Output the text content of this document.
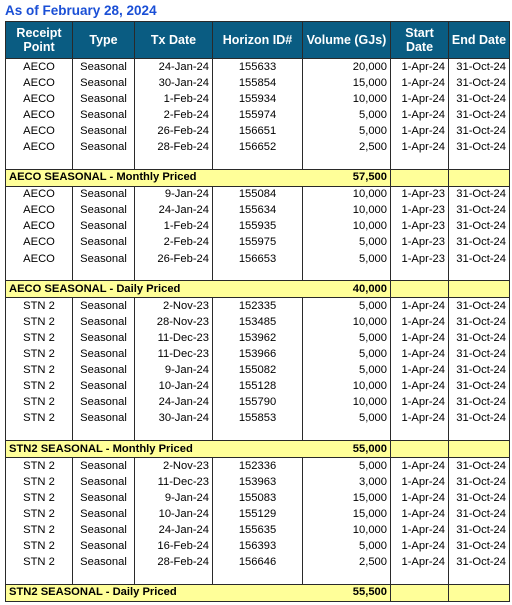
As of February 28, 2024
Receipt Point	Type	Tx Date	Horizon ID#	Volume (GJs)	Start Date	End Date
AECO	Seasonal	24-Jan-24	155633	20,000	1-Apr-24	31-Oct-24
AECO	Seasonal	30-Jan-24	155854	15,000	1-Apr-24	31-Oct-24
AECO	Seasonal	1-Feb-24	155934	10,000	1-Apr-24	31-Oct-24
AECO	Seasonal	2-Feb-24	155974	5,000	1-Apr-24	31-Oct-24
AECO	Seasonal	26-Feb-24	156651	5,000	1-Apr-24	31-Oct-24
AECO	Seasonal	28-Feb-24	156652	2,500	1-Apr-24	31-Oct-24

AECO SEASONAL - Monthly Priced				57,500		
AECO	Seasonal	9-Jan-24	155084	10,000	1-Apr-23	31-Oct-24
AECO	Seasonal	24-Jan-24	155634	10,000	1-Apr-23	31-Oct-24
AECO	Seasonal	1-Feb-24	155935	10,000	1-Apr-23	31-Oct-24
AECO	Seasonal	2-Feb-24	155975	5,000	1-Apr-23	31-Oct-24
AECO	Seasonal	26-Feb-24	156653	5,000	1-Apr-23	31-Oct-24

AECO SEASONAL - Daily Priced				40,000		
STN 2	Seasonal	2-Nov-23	152335	5,000	1-Apr-24	31-Oct-24
STN 2	Seasonal	28-Nov-23	153485	10,000	1-Apr-24	31-Oct-24
STN 2	Seasonal	11-Dec-23	153962	5,000	1-Apr-24	31-Oct-24
STN 2	Seasonal	11-Dec-23	153966	5,000	1-Apr-24	31-Oct-24
STN 2	Seasonal	9-Jan-24	155082	5,000	1-Apr-24	31-Oct-24
STN 2	Seasonal	10-Jan-24	155128	10,000	1-Apr-24	31-Oct-24
STN 2	Seasonal	24-Jan-24	155790	10,000	1-Apr-24	31-Oct-24
STN 2	Seasonal	30-Jan-24	155853	5,000	1-Apr-24	31-Oct-24

STN2 SEASONAL - Monthly Priced				55,000		
STN 2	Seasonal	2-Nov-23	152336	5,000	1-Apr-24	31-Oct-24
STN 2	Seasonal	11-Dec-23	153963	3,000	1-Apr-24	31-Oct-24
STN 2	Seasonal	9-Jan-24	155083	15,000	1-Apr-24	31-Oct-24
STN 2	Seasonal	10-Jan-24	155129	15,000	1-Apr-24	31-Oct-24
STN 2	Seasonal	24-Jan-24	155635	10,000	1-Apr-24	31-Oct-24
STN 2	Seasonal	16-Feb-24	156393	5,000	1-Apr-24	31-Oct-24
STN 2	Seasonal	28-Feb-24	156646	2,500	1-Apr-24	31-Oct-24

STN2 SEASONAL - Daily Priced				55,500		
